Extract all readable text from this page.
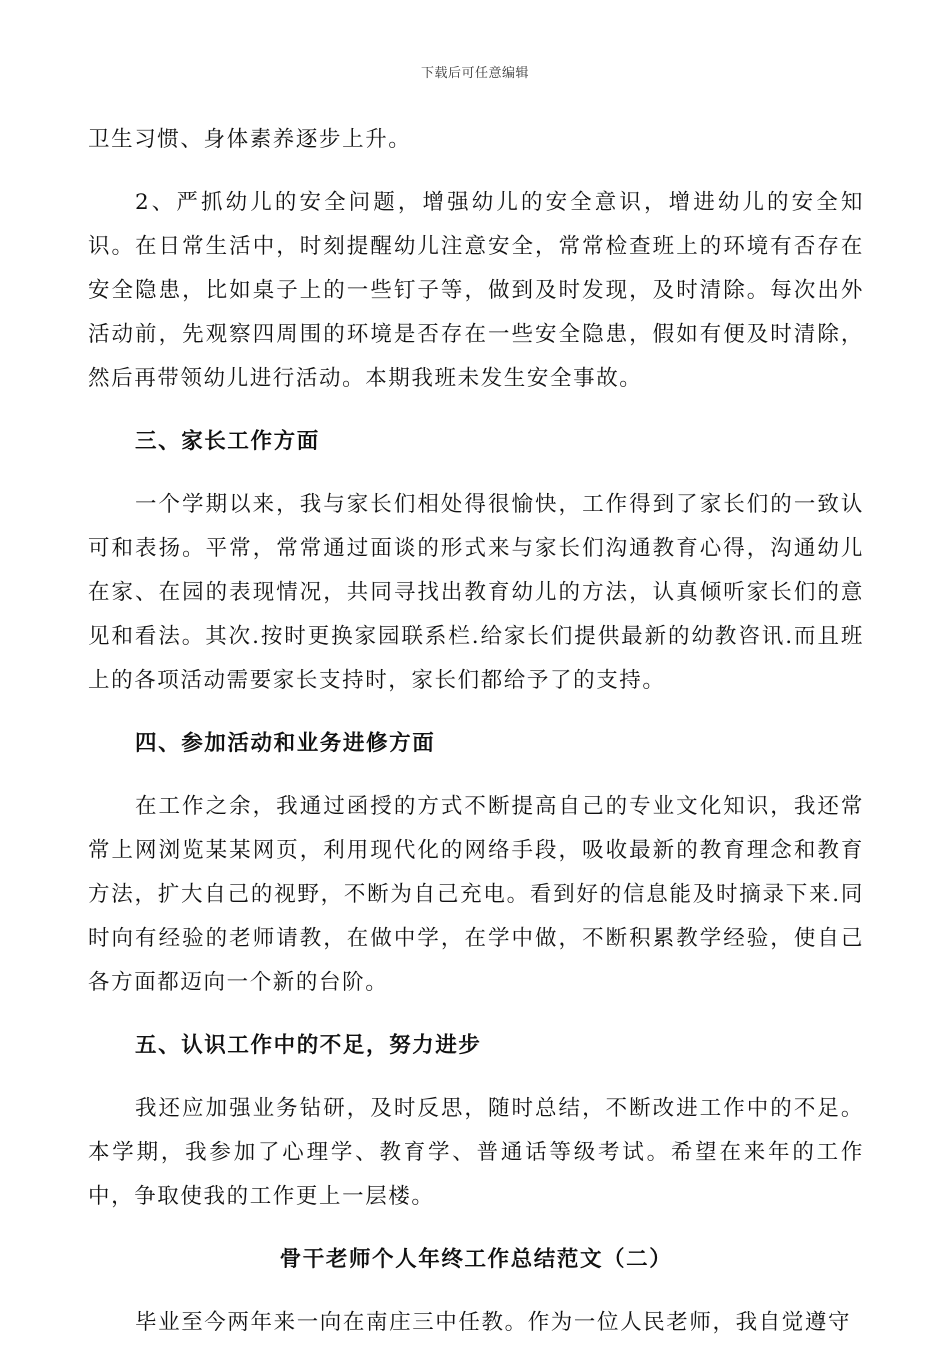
下载后可任意编辑

卫生习惯、身体素养逐步上升。

2、严抓幼儿的安全问题，增强幼儿的安全意识，增进幼儿的安全知识。在日常生活中，时刻提醒幼儿注意安全，常常检查班上的环境有否存在安全隐患，比如桌子上的一些钉子等，做到及时发现，及时清除。每次出外活动前，先观察四周围的环境是否存在一些安全隐患，假如有便及时清除，然后再带领幼儿进行活动。本期我班未发生安全事故。

三、家长工作方面

一个学期以来，我与家长们相处得很愉快，工作得到了家长们的一致认可和表扬。平常，常常通过面谈的形式来与家长们沟通教育心得，沟通幼儿在家、在园的表现情况，共同寻找出教育幼儿的方法，认真倾听家长们的意见和看法。其次.按时更换家园联系栏.给家长们提供最新的幼教咨讯.而且班上的各项活动需要家长支持时，家长们都给予了的支持。

四、参加活动和业务进修方面

在工作之余，我通过函授的方式不断提高自己的专业文化知识，我还常常上网浏览某某网页，利用现代化的网络手段，吸收最新的教育理念和教育方法，扩大自己的视野，不断为自己充电。看到好的信息能及时摘录下来.同时向有经验的老师请教，在做中学，在学中做，不断积累教学经验，使自己各方面都迈向一个新的台阶。

五、认识工作中的不足，努力进步

我还应加强业务钻研，及时反思，随时总结，不断改进工作中的不足。本学期，我参加了心理学、教育学、普通话等级考试。希望在来年的工作中，争取使我的工作更上一层楼。

骨干老师个人年终工作总结范文（二）

毕业至今两年来一向在南庄三中任教。作为一位人民老师，我自觉遵守
